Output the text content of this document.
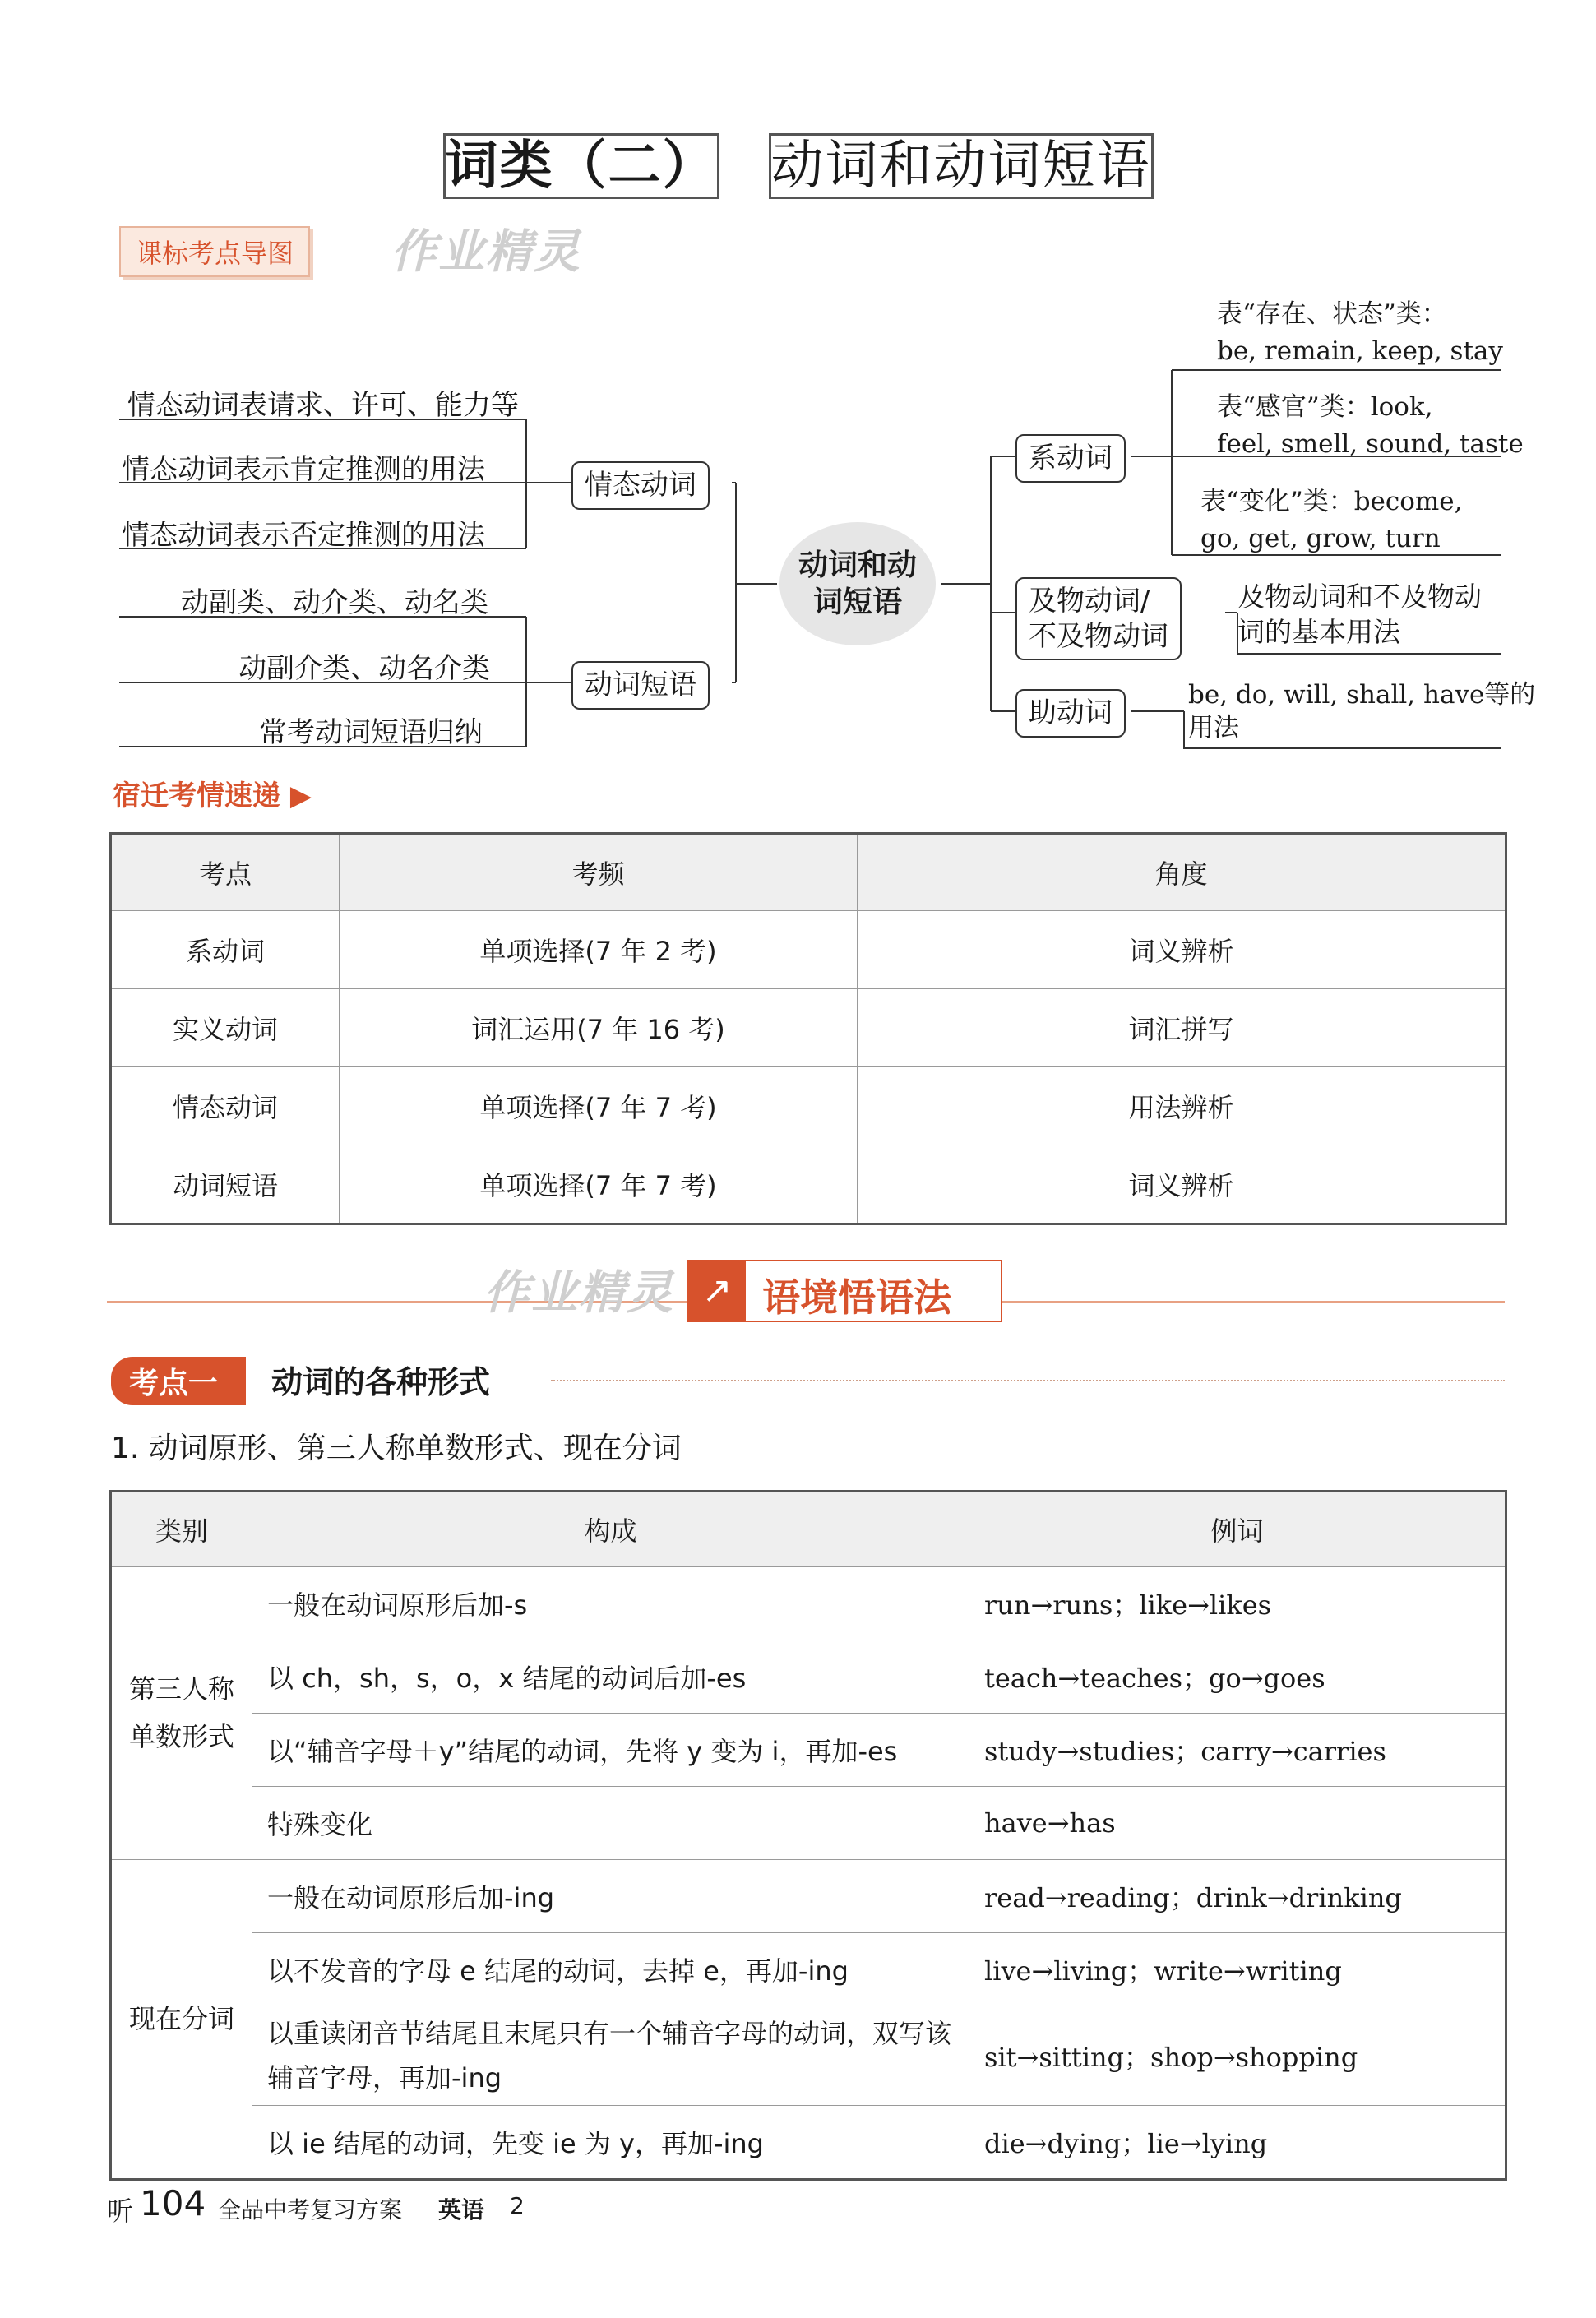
词类（二） 动词和动词短语
课标考点导图	作业精灵
情态动词表请求、许可、能力等
情态动词表示肯定推测的用法
情态动词表示否定推测的用法
动副类、动介类、动名类
动副介类、动名介类
常考动词短语归纳
情态动词
动词短语
动词和动
词短语
系动词
及物动词/
不及物动词
助动词
表“存在、状态”类：
be, remain, keep, stay
表“感官”类：look,
feel, smell, sound, taste
表“变化”类：become,
go, get, grow, turn
及物动词和不及物动
词的基本用法
be, do, will, shall, have等的
用法
宿迁考情速递 ▶
考点	考频	角度
系动词	单项选择(7 年 2 考)	词义辨析
实义动词	词汇运用(7 年 16 考)	词汇拼写
情态动词	单项选择(7 年 7 考)	用法辨析
动词短语	单项选择(7 年 7 考)	词义辨析
作业精灵 ↗ 语境悟语法
考点一	动词的各种形式
1. 动词原形、第三人称单数形式、现在分词
类别	构成	例词
第三人称单数形式	一般在动词原形后加-s	run→runs；like→likes
	以 ch，sh，s，o，x 结尾的动词后加-es	teach→teaches；go→goes
	以“辅音字母＋y”结尾的动词，先将 y 变为 i，再加-es	study→studies；carry→carries
	特殊变化	have→has
现在分词	一般在动词原形后加-ing	read→reading；drink→drinking
	以不发音的字母 e 结尾的动词，去掉 e，再加-ing	live→living；write→writing
	以重读闭音节结尾且末尾只有一个辅音字母的动词，双写该辅音字母，再加-ing	sit→sitting；shop→shopping
	以 ie 结尾的动词，先变 ie 为 y，再加-ing	die→dying；lie→lying
听 104 全品中考复习方案 英语 2
